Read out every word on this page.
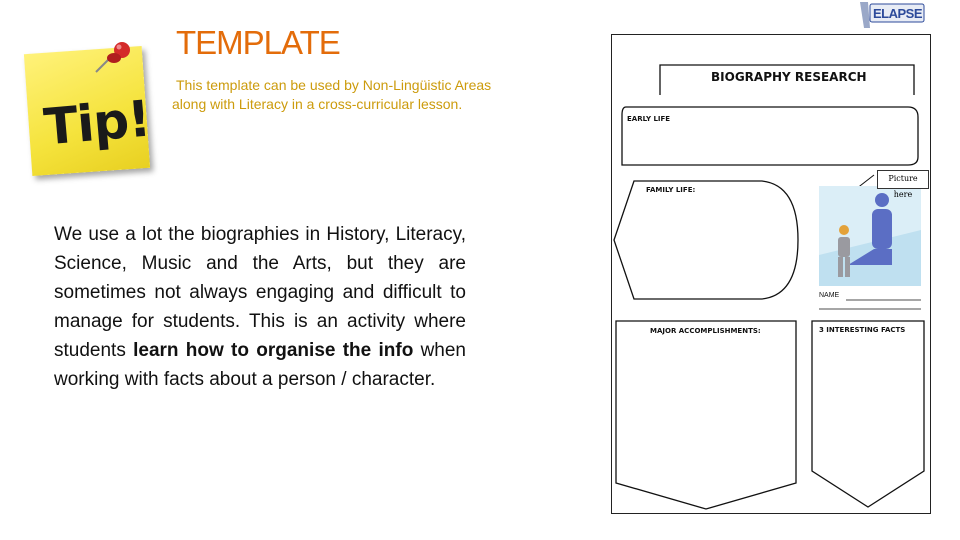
Tip!
TEMPLATE
This template can be used by Non-Lingüistic Areas along with Literacy in a cross-curricular lesson.
We use a lot the biographies in History, Literacy, Science, Music and the Arts, but they are sometimes not always engaging and difficult to manage for students. This is an activity where students learn how to organise the info when working with facts about a person / character.
ELAPSE
BIOGRAPHY RESEARCH
EARLY LIFE
FAMILY LIFE:
Picture here
NAME
MAJOR ACCOMPLISHMENTS:	3 INTERESTING FACTS
